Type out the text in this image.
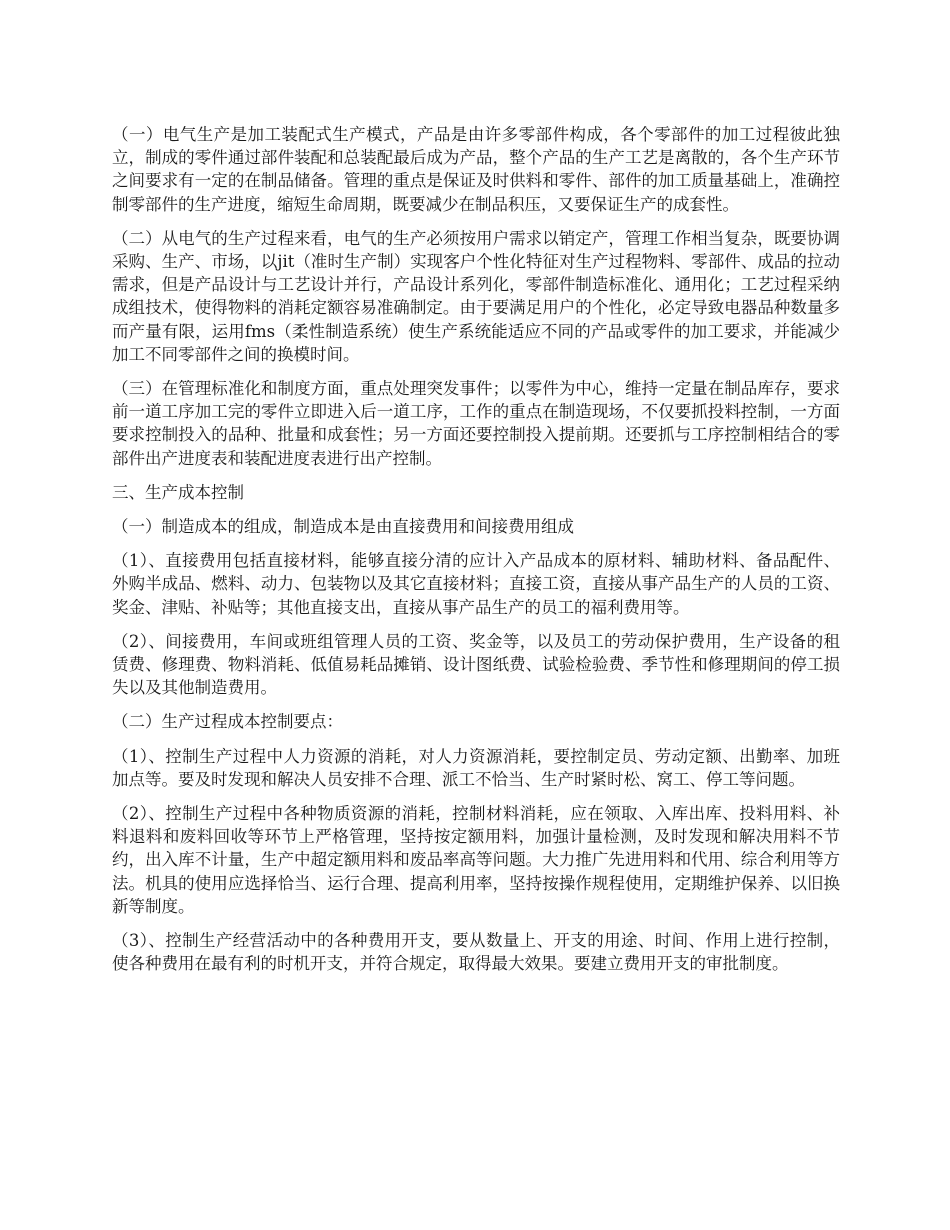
（一）电气生产是加工装配式生产模式，产品是由许多零部件构成，各个零部件的加工过程彼此独立，制成的零件通过部件装配和总装配最后成为产品，整个产品的生产工艺是离散的，各个生产环节之间要求有一定的在制品储备。管理的重点是保证及时供料和零件、部件的加工质量基础上，准确控制零部件的生产进度，缩短生命周期，既要减少在制品积压，又要保证生产的成套性。

（二）从电气的生产过程来看，电气的生产必须按用户需求以销定产，管理工作相当复杂，既要协调采购、生产、市场，以jit（准时生产制）实现客户个性化特征对生产过程物料、零部件、成品的拉动需求，但是产品设计与工艺设计并行，产品设计系列化，零部件制造标准化、通用化；工艺过程采纳成组技术，使得物料的消耗定额容易准确制定。由于要满足用户的个性化，必定导致电器品种数量多而产量有限，运用fms（柔性制造系统）使生产系统能适应不同的产品或零件的加工要求，并能减少加工不同零部件之间的换模时间。

（三）在管理标准化和制度方面，重点处理突发事件；以零件为中心，维持一定量在制品库存，要求前一道工序加工完的零件立即进入后一道工序，工作的重点在制造现场，不仅要抓投料控制，一方面要求控制投入的品种、批量和成套性；另一方面还要控制投入提前期。还要抓与工序控制相结合的零部件出产进度表和装配进度表进行出产控制。

三、生产成本控制

（一）制造成本的组成，制造成本是由直接费用和间接费用组成

（1）、直接费用包括直接材料，能够直接分清的应计入产品成本的原材料、辅助材料、备品配件、外购半成品、燃料、动力、包装物以及其它直接材料；直接工资，直接从事产品生产的人员的工资、奖金、津贴、补贴等；其他直接支出，直接从事产品生产的员工的福利费用等。

（2）、间接费用，车间或班组管理人员的工资、奖金等，以及员工的劳动保护费用，生产设备的租赁费、修理费、物料消耗、低值易耗品摊销、设计图纸费、试验检验费、季节性和修理期间的停工损失以及其他制造费用。

（二）生产过程成本控制要点：

（1）、控制生产过程中人力资源的消耗，对人力资源消耗，要控制定员、劳动定额、出勤率、加班加点等。要及时发现和解决人员安排不合理、派工不恰当、生产时紧时松、窝工、停工等问题。

（2）、控制生产过程中各种物质资源的消耗，控制材料消耗，应在领取、入库出库、投料用料、补料退料和废料回收等环节上严格管理，坚持按定额用料，加强计量检测，及时发现和解决用料不节约，出入库不计量，生产中超定额用料和废品率高等问题。大力推广先进用料和代用、综合利用等方法。机具的使用应选择恰当、运行合理、提高利用率，坚持按操作规程使用，定期维护保养、以旧换新等制度。

（3）、控制生产经营活动中的各种费用开支，要从数量上、开支的用途、时间、作用上进行控制，使各种费用在最有利的时机开支，并符合规定，取得最大效果。要建立费用开支的审批制度。
